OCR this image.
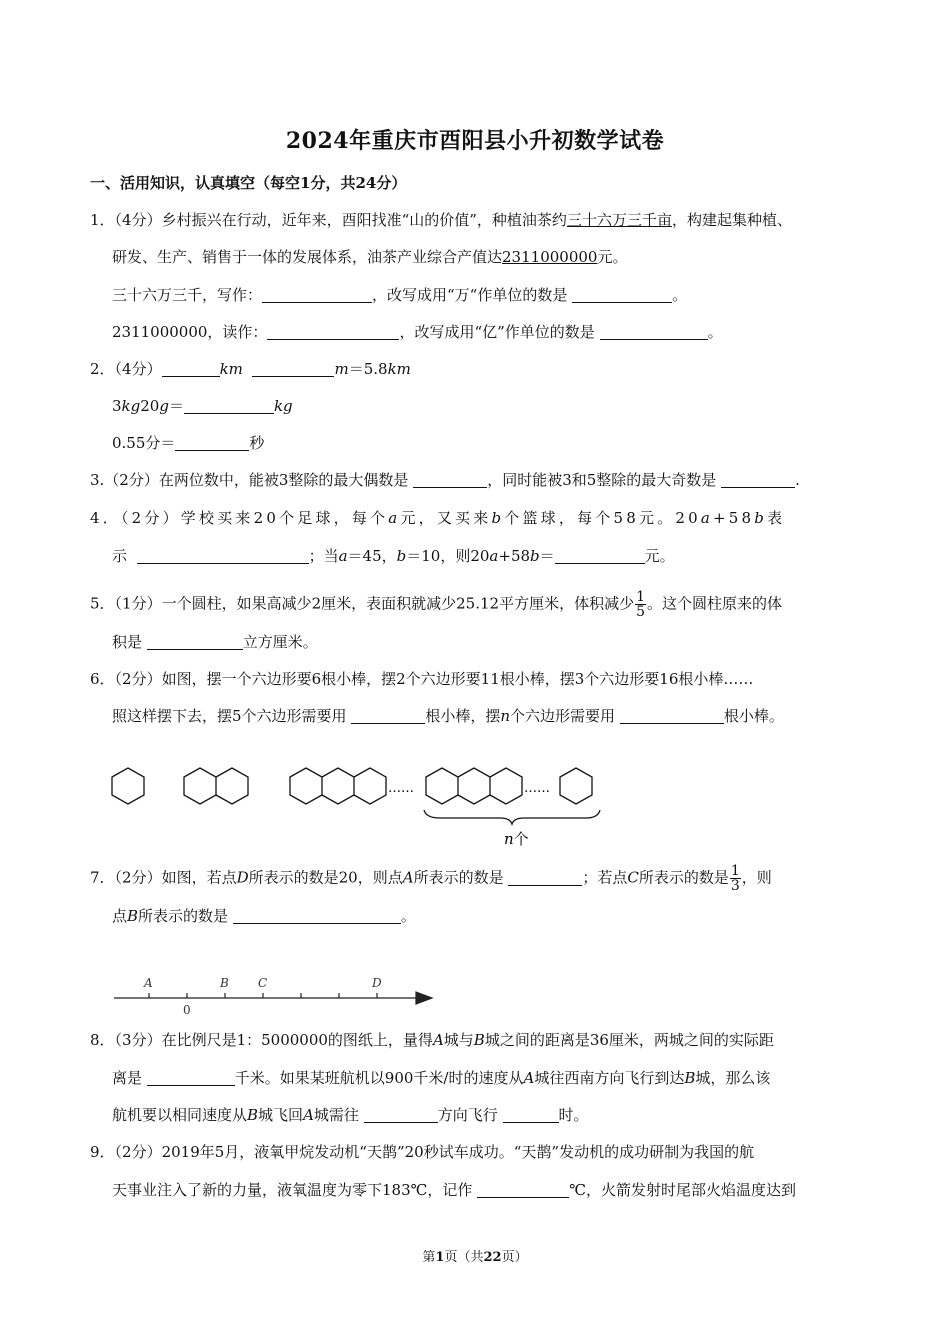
2024年重庆市酉阳县小升初数学试卷
一、活用知识，认真填空（每空1分，共24分）
1．（4分）乡村振兴在行动，近年来，酉阳找准“山的价值”，种植油茶约三十六万三千亩，构建起集种植、
研发、生产、销售于一体的发展体系，油茶产业综合产值达2311000000元。
三十六万三千，写作：	，改写成用“万“作单位的数是	。
2311000000，读作：	，改写成用“亿”作单位的数是	。
2．（4分）	km	m＝5.8km
3kg20g＝	kg
0.55分＝	秒
3.（2分）在两位数中，能被3整除的最大偶数是	，同时能被3和5整除的最大奇数是	.
4．（2分）学校买来20个足球，每个a元，又买来b个篮球，每个58元。20a+58b表
示	；当a＝45，b＝10，则20a+58b＝	元。
5．（1分）一个圆柱，如果高减少2厘米，表面积就减少25.12平方厘米，体积减少 $\frac{1}{5}$ 。这个圆柱原来的体
积是	立方厘米。
6．（2分）如图，摆一个六边形要6根小棒，摆2个六边形要11根小棒，摆3个六边形要16根小棒……
照这样摆下去，摆5个六边形需要用	根小棒，摆n个六边形需要用	根小棒。
……	……
n个
7．（2分）如图，若点D所表示的数是20，则点A所表示的数是	；若点C所表示的数是 $\frac{1}{3}$ ，则
点B所表示的数是	。
A	B C	D
0
8．（3分）在比例尺是1：5000000的图纸上，量得A城与B城之间的距离是36厘米，两城之间的实际距
离是	千米。如果某班航机以900千米/时的速度从A城往西南方向飞行到达B城，那么该
航机要以相同速度从B城飞回A城需往	方向飞行	时。
9．（2分）2019年5月，液氧甲烷发动机“天鹊”20秒试车成功。“天鹊”发动机的成功研制为我国的航
天事业注入了新的力量，液氧温度为零下183℃，记作	℃，火箭发射时尾部火焰温度达到
第1页（共22页）
